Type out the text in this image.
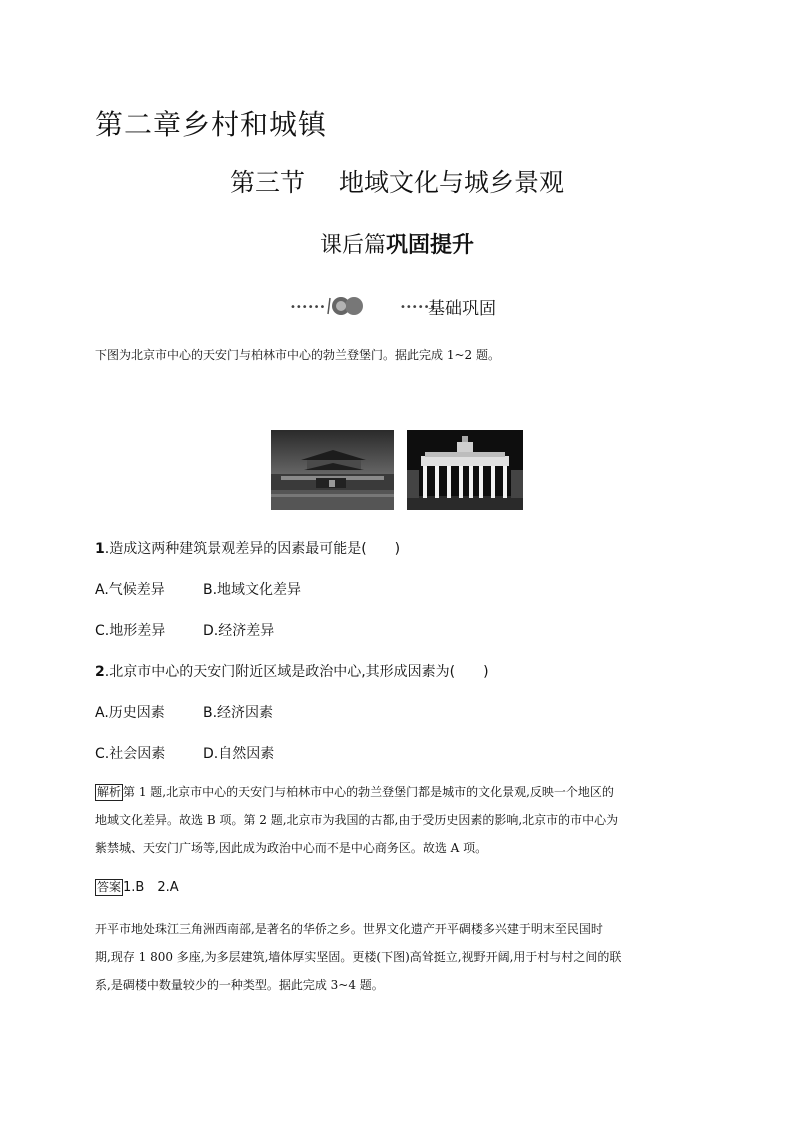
第二章乡村和城镇
第三节 地域文化与城乡景观
课后篇巩固提升
••••••	••••••
基础巩固
下图为北京市中心的天安门与柏林市中心的勃兰登堡门。据此完成 1~2 题。
1.造成这两种建筑景观差异的因素最可能是(　　)
A.气候差异	B.地域文化差异
C.地形差异	D.经济差异
2.北京市中心的天安门附近区域是政治中心,其形成因素为(　　)
A.历史因素	B.经济因素
C.社会因素	D.自然因素
解析 第 1 题,北京市中心的天安门与柏林市中心的勃兰登堡门都是城市的文化景观,反映一个地区的
地域文化差异。故选 B 项。第 2 题,北京市为我国的古都,由于受历史因素的影响,北京市的市中心为
紫禁城、天安门广场等,因此成为政治中心而不是中心商务区。故选 A 项。
答案 1.B　2.A
开平市地处珠江三角洲西南部,是著名的华侨之乡。世界文化遗产开平碉楼多兴建于明末至民国时
期,现存 1 800 多座,为多层建筑,墙体厚实坚固。更楼(下图)高耸挺立,视野开阔,用于村与村之间的联
系,是碉楼中数量较少的一种类型。据此完成 3~4 题。
